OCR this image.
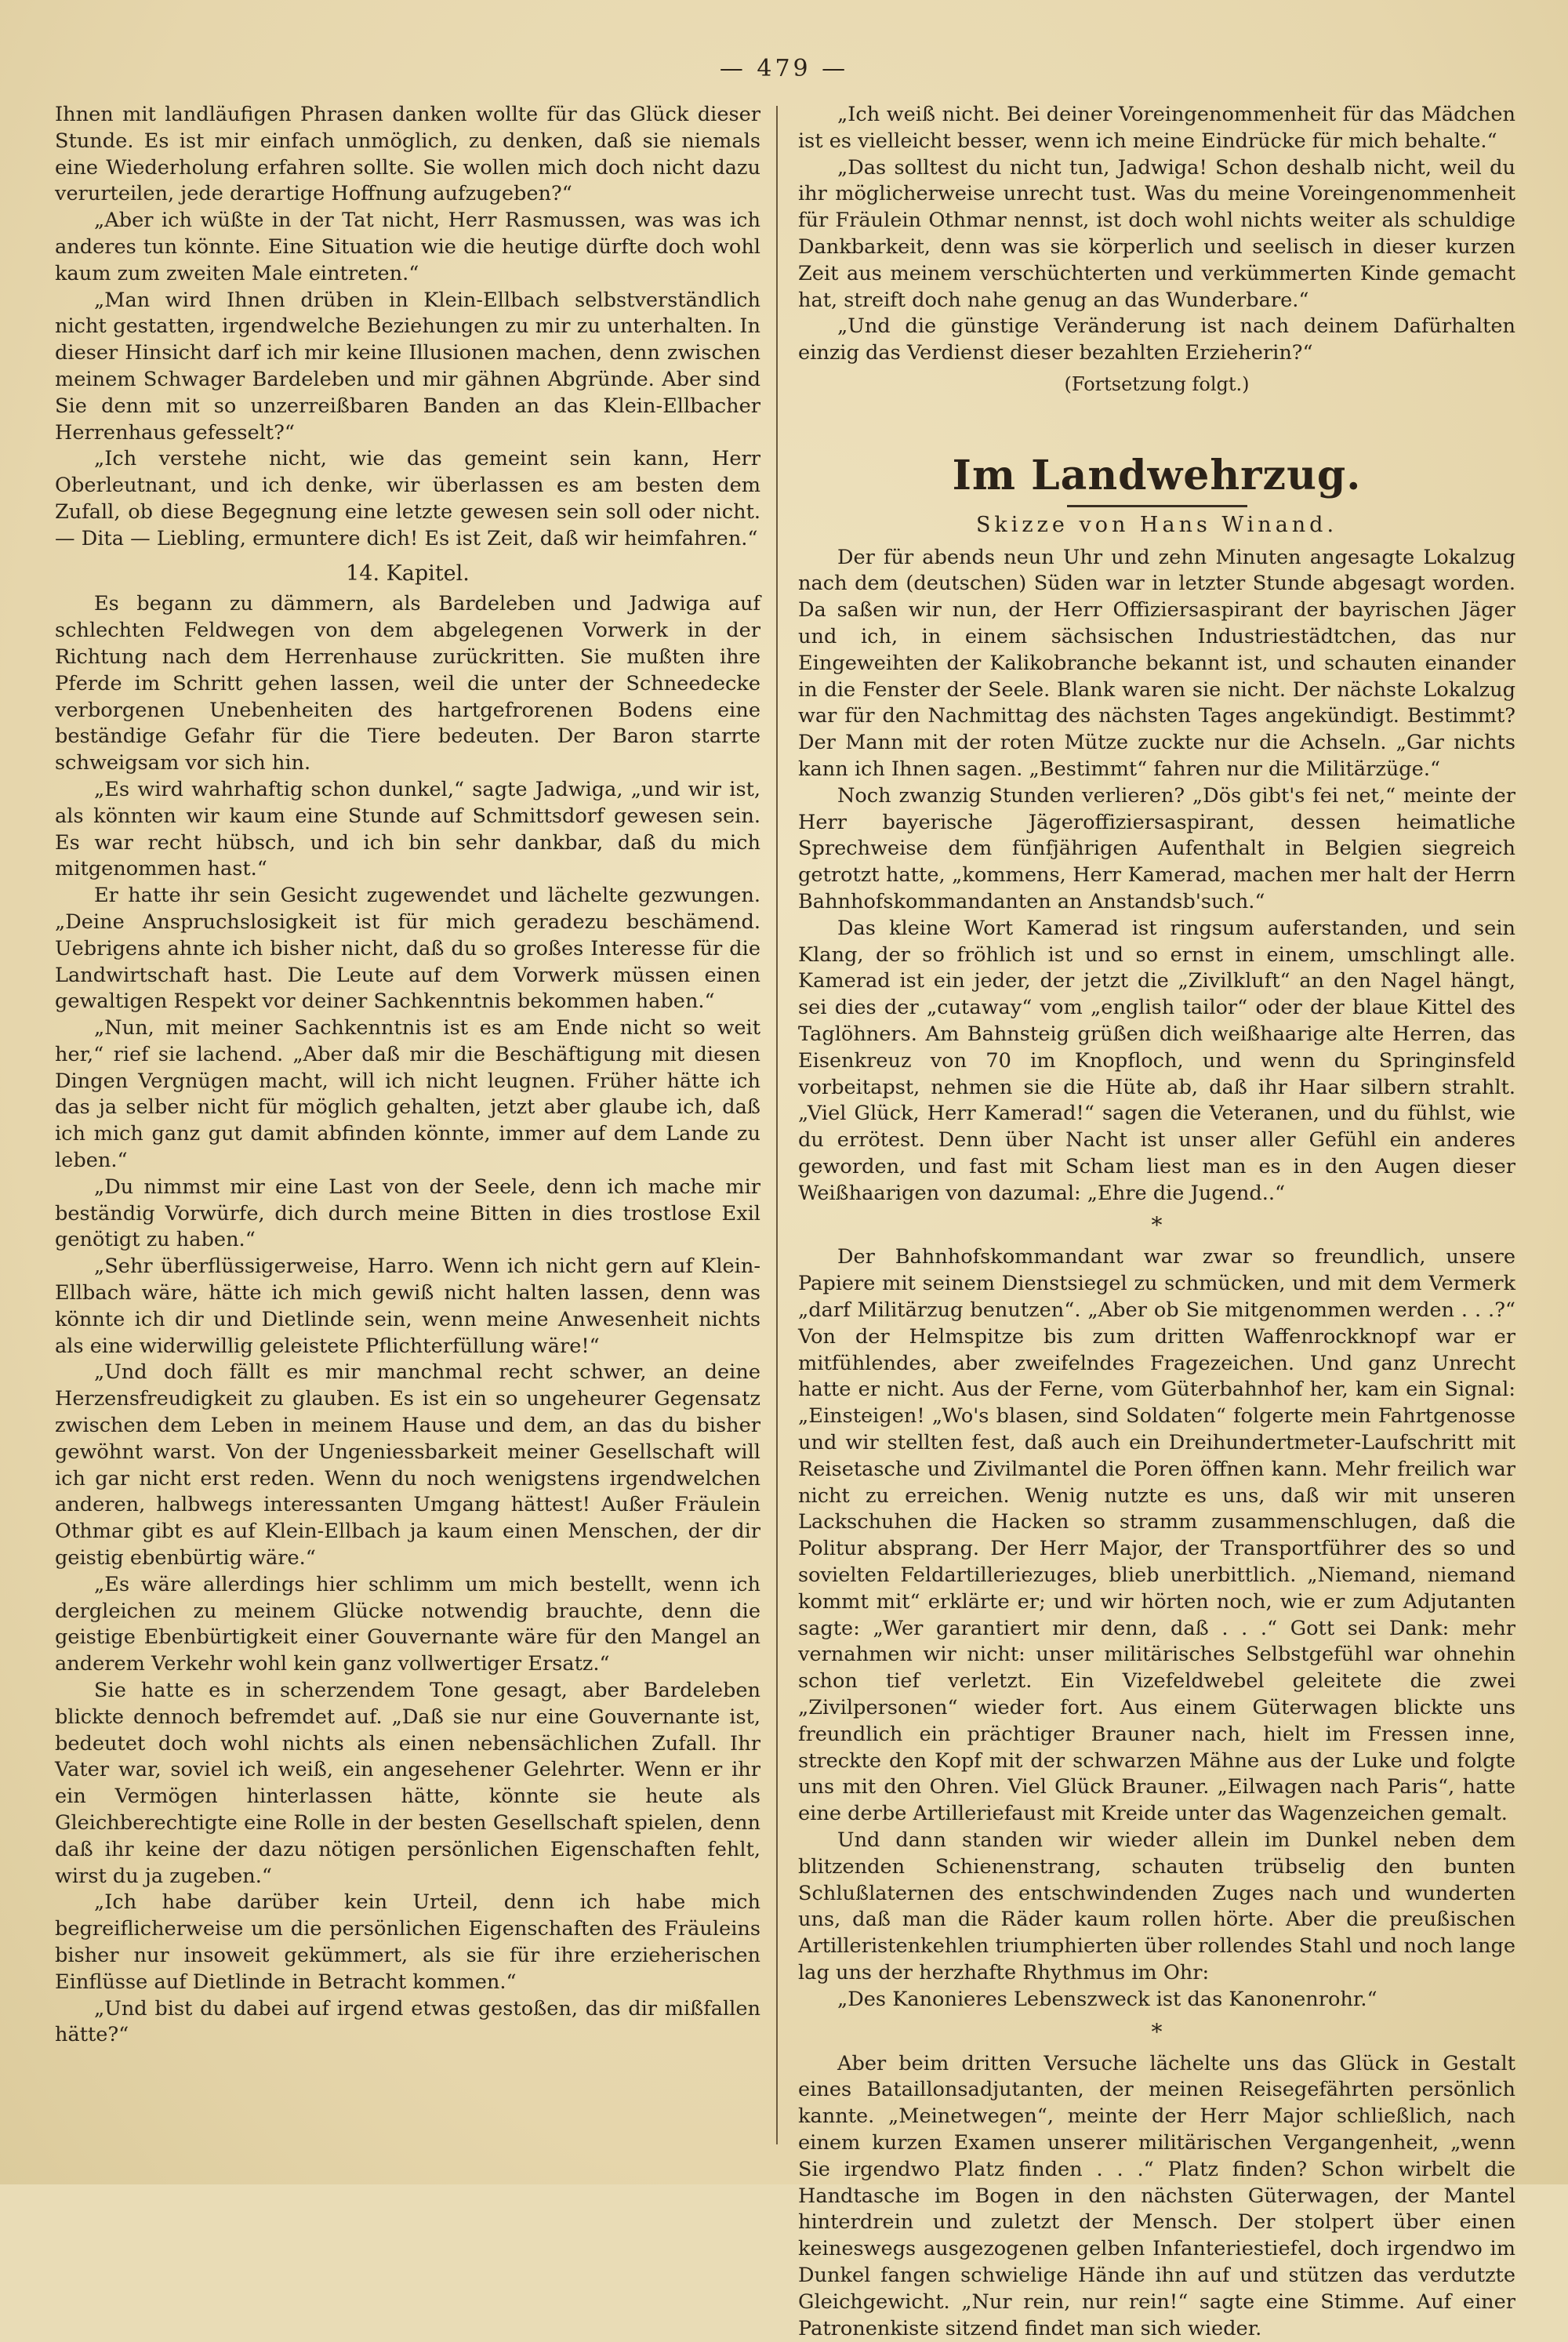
— 479 —

Ihnen mit landläufigen Phrasen danken wollte für das Glück dieser Stunde. Es ist mir einfach unmöglich, zu denken, daß sie niemals eine Wiederholung erfahren sollte. Sie wollen mich doch nicht dazu verurteilen, jede derartige Hoffnung aufzugeben?“

„Aber ich wüßte in der Tat nicht, Herr Rasmussen, was was ich anderes tun könnte. Eine Situation wie die heutige dürfte doch wohl kaum zum zweiten Male eintreten.“

„Man wird Ihnen drüben in Klein-Ellbach selbstverständlich nicht gestatten, irgendwelche Beziehungen zu mir zu unterhalten. In dieser Hinsicht darf ich mir keine Illusionen machen, denn zwischen meinem Schwager Bardeleben und mir gähnen Abgründe. Aber sind Sie denn mit so unzerreißbaren Banden an das Klein-Ellbacher Herrenhaus gefesselt?“

„Ich verstehe nicht, wie das gemeint sein kann, Herr Oberleutnant, und ich denke, wir überlassen es am besten dem Zufall, ob diese Begegnung eine letzte gewesen sein soll oder nicht. — Dita — Liebling, ermuntere dich! Es ist Zeit, daß wir heimfahren.“

14. Kapitel.

Es begann zu dämmern, als Bardeleben und Jadwiga auf schlechten Feldwegen von dem abgelegenen Vorwerk in der Richtung nach dem Herrenhause zurückritten. Sie mußten ihre Pferde im Schritt gehen lassen, weil die unter der Schneedecke verborgenen Unebenheiten des hartgefrorenen Bodens eine beständige Gefahr für die Tiere bedeuten. Der Baron starrte schweigsam vor sich hin.

„Es wird wahrhaftig schon dunkel,“ sagte Jadwiga, „und wir ist, als könnten wir kaum eine Stunde auf Schmittsdorf gewesen sein. Es war recht hübsch, und ich bin sehr dankbar, daß du mich mitgenommen hast.“

Er hatte ihr sein Gesicht zugewendet und lächelte gezwungen. „Deine Anspruchslosigkeit ist für mich geradezu beschämend. Uebrigens ahnte ich bisher nicht, daß du so großes Interesse für die Landwirtschaft hast. Die Leute auf dem Vorwerk müssen einen gewaltigen Respekt vor deiner Sachkenntnis bekommen haben.“

„Nun, mit meiner Sachkenntnis ist es am Ende nicht so weit her,“ rief sie lachend. „Aber daß mir die Beschäftigung mit diesen Dingen Vergnügen macht, will ich nicht leugnen. Früher hätte ich das ja selber nicht für möglich gehalten, jetzt aber glaube ich, daß ich mich ganz gut damit abfinden könnte, immer auf dem Lande zu leben.“

„Du nimmst mir eine Last von der Seele, denn ich mache mir beständig Vorwürfe, dich durch meine Bitten in dies trostlose Exil genötigt zu haben.“

„Sehr überflüssigerweise, Harro. Wenn ich nicht gern auf Klein-Ellbach wäre, hätte ich mich gewiß nicht halten lassen, denn was könnte ich dir und Dietlinde sein, wenn meine Anwesenheit nichts als eine widerwillig geleistete Pflichterfüllung wäre!“

„Und doch fällt es mir manchmal recht schwer, an deine Herzensfreudigkeit zu glauben. Es ist ein so ungeheurer Gegensatz zwischen dem Leben in meinem Hause und dem, an das du bisher gewöhnt warst. Von der Ungeniessbarkeit meiner Gesellschaft will ich gar nicht erst reden. Wenn du noch wenigstens irgendwelchen anderen, halbwegs interessanten Umgang hättest! Außer Fräulein Othmar gibt es auf Klein-Ellbach ja kaum einen Menschen, der dir geistig ebenbürtig wäre.“

„Es wäre allerdings hier schlimm um mich bestellt, wenn ich dergleichen zu meinem Glücke notwendig brauchte, denn die geistige Ebenbürtigkeit einer Gouvernante wäre für den Mangel an anderem Verkehr wohl kein ganz vollwertiger Ersatz.“

Sie hatte es in scherzendem Tone gesagt, aber Bardeleben blickte dennoch befremdet auf. „Daß sie nur eine Gouvernante ist, bedeutet doch wohl nichts als einen nebensächlichen Zufall. Ihr Vater war, soviel ich weiß, ein angesehener Gelehrter. Wenn er ihr ein Vermögen hinterlassen hätte, könnte sie heute als Gleichberechtigte eine Rolle in der besten Gesellschaft spielen, denn daß ihr keine der dazu nötigen persönlichen Eigenschaften fehlt, wirst du ja zugeben.“

„Ich habe darüber kein Urteil, denn ich habe mich begreiflicherweise um die persönlichen Eigenschaften des Fräuleins bisher nur insoweit gekümmert, als sie für ihre erzieherischen Einflüsse auf Dietlinde in Betracht kommen.“

„Und bist du dabei auf irgend etwas gestoßen, das dir mißfallen hätte?“

„Ich weiß nicht. Bei deiner Voreingenommenheit für das Mädchen ist es vielleicht besser, wenn ich meine Eindrücke für mich behalte.“

„Das solltest du nicht tun, Jadwiga! Schon deshalb nicht, weil du ihr möglicherweise unrecht tust. Was du meine Voreingenommenheit für Fräulein Othmar nennst, ist doch wohl nichts weiter als schuldige Dankbarkeit, denn was sie körperlich und seelisch in dieser kurzen Zeit aus meinem verschüchterten und verkümmerten Kinde gemacht hat, streift doch nahe genug an das Wunderbare.“

„Und die günstige Veränderung ist nach deinem Dafürhalten einzig das Verdienst dieser bezahlten Erzieherin?“

(Fortsetzung folgt.)
Im Landwehrzug.
Skizze von Hans Winand.

Der für abends neun Uhr und zehn Minuten angesagte Lokalzug nach dem (deutschen) Süden war in letzter Stunde abgesagt worden. Da saßen wir nun, der Herr Offiziersaspirant der bayrischen Jäger und ich, in einem sächsischen Industriestädtchen, das nur Eingeweihten der Kalikobranche bekannt ist, und schauten einander in die Fenster der Seele. Blank waren sie nicht. Der nächste Lokalzug war für den Nachmittag des nächsten Tages angekündigt. Bestimmt? Der Mann mit der roten Mütze zuckte nur die Achseln. „Gar nichts kann ich Ihnen sagen. „Bestimmt“ fahren nur die Militärzüge.“

Noch zwanzig Stunden verlieren? „Dös gibt's fei net,“ meinte der Herr bayerische Jägeroffiziersaspirant, dessen heimatliche Sprechweise dem fünfjährigen Aufenthalt in Belgien siegreich getrotzt hatte, „kommens, Herr Kamerad, machen mer halt der Herrn Bahnhofskommandanten an Anstandsb'such.“

Das kleine Wort Kamerad ist ringsum auferstanden, und sein Klang, der so fröhlich ist und so ernst in einem, umschlingt alle. Kamerad ist ein jeder, der jetzt die „Zivilkluft“ an den Nagel hängt, sei dies der „cutaway“ vom „english tailor“ oder der blaue Kittel des Taglöhners. Am Bahnsteig grüßen dich weißhaarige alte Herren, das Eisenkreuz von 70 im Knopfloch, und wenn du Springinsfeld vorbeitapst, nehmen sie die Hüte ab, daß ihr Haar silbern strahlt. „Viel Glück, Herr Kamerad!“ sagen die Veteranen, und du fühlst, wie du errötest. Denn über Nacht ist unser aller Gefühl ein anderes geworden, und fast mit Scham liest man es in den Augen dieser Weißhaarigen von dazumal: „Ehre die Jugend..“

*

Der Bahnhofskommandant war zwar so freundlich, unsere Papiere mit seinem Dienstsiegel zu schmücken, und mit dem Vermerk „darf Militärzug benutzen“. „Aber ob Sie mitgenommen werden . . .?“ Von der Helmspitze bis zum dritten Waffenrockknopf war er mitfühlendes, aber zweifelndes Fragezeichen. Und ganz Unrecht hatte er nicht. Aus der Ferne, vom Güterbahnhof her, kam ein Signal: „Einsteigen! „Wo's blasen, sind Soldaten“ folgerte mein Fahrtgenosse und wir stellten fest, daß auch ein Dreihundertmeter-Laufschritt mit Reisetasche und Zivilmantel die Poren öffnen kann. Mehr freilich war nicht zu erreichen. Wenig nutzte es uns, daß wir mit unseren Lackschuhen die Hacken so stramm zusammenschlugen, daß die Politur absprang. Der Herr Major, der Transportführer des so und sovielten Feldartilleriezuges, blieb unerbittlich. „Niemand, niemand kommt mit“ erklärte er; und wir hörten noch, wie er zum Adjutanten sagte: „Wer garantiert mir denn, daß . . .“ Gott sei Dank: mehr vernahmen wir nicht: unser militärisches Selbstgefühl war ohnehin schon tief verletzt. Ein Vizefeldwebel geleitete die zwei „Zivilpersonen“ wieder fort. Aus einem Güterwagen blickte uns freundlich ein prächtiger Brauner nach, hielt im Fressen inne, streckte den Kopf mit der schwarzen Mähne aus der Luke und folgte uns mit den Ohren. Viel Glück Brauner. „Eilwagen nach Paris“, hatte eine derbe Artilleriefaust mit Kreide unter das Wagenzeichen gemalt.

Und dann standen wir wieder allein im Dunkel neben dem blitzenden Schienenstrang, schauten trübselig den bunten Schlußlaternen des entschwindenden Zuges nach und wunderten uns, daß man die Räder kaum rollen hörte. Aber die preußischen Artilleristenkehlen triumphierten über rollendes Stahl und noch lange lag uns der herzhafte Rhythmus im Ohr:

„Des Kanonieres Lebenszweck ist das Kanonenrohr.“

*

Aber beim dritten Versuche lächelte uns das Glück in Gestalt eines Bataillonsadjutanten, der meinen Reisegefährten persönlich kannte. „Meinetwegen“, meinte der Herr Major schließlich, nach einem kurzen Examen unserer militärischen Vergangenheit, „wenn Sie irgendwo Platz finden . . .“ Platz finden? Schon wirbelt die Handtasche im Bogen in den nächsten Güterwagen, der Mantel hinterdrein und zuletzt der Mensch. Der stolpert über einen keineswegs ausgezogenen gelben Infanteriestiefel, doch irgendwo im Dunkel fangen schwielige Hände ihn auf und stützen das verdutzte Gleichgewicht. „Nur rein, nur rein!“ sagte eine Stimme. Auf einer Patronenkiste sitzend findet man sich wieder.
